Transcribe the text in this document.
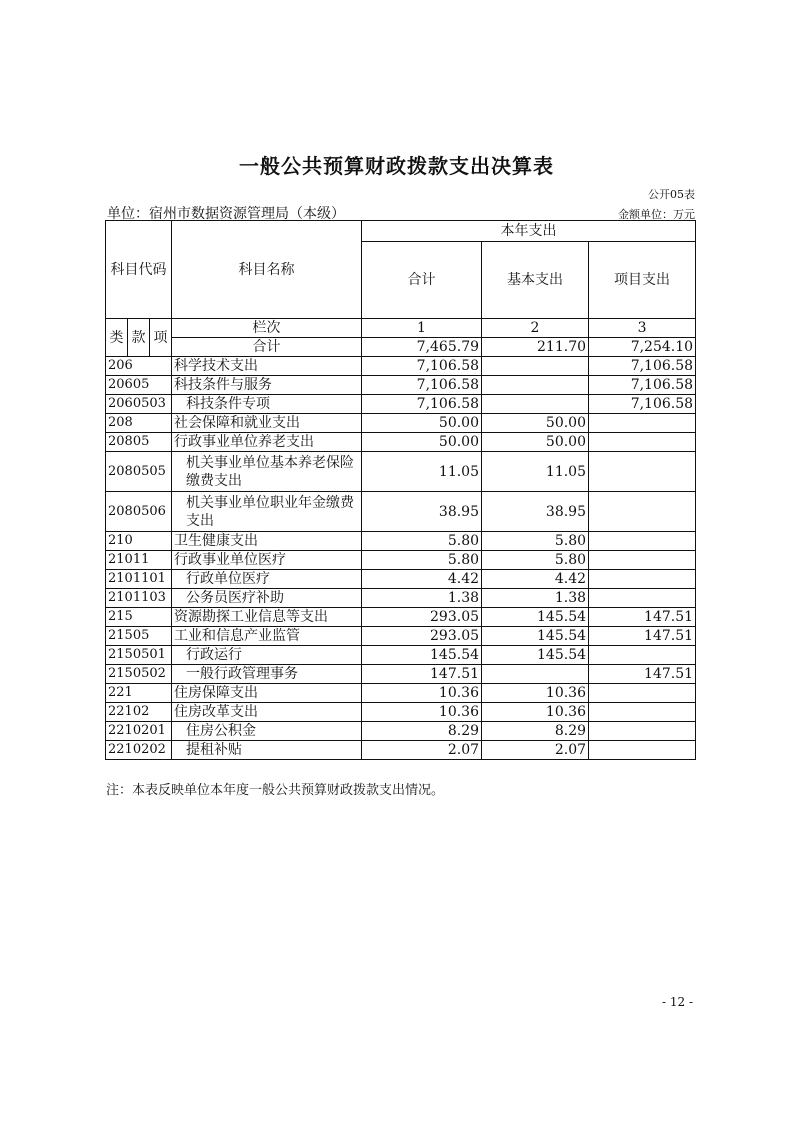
一般公共预算财政拨款支出决算表
公开05表
单位：宿州市数据资源管理局（本级）	金额单位：万元
科目代码			科目名称	本年支出		
				合计	基本支出	项目支出
类	款	项	栏次	1	2	3
			合计	7,465.79	211.70	7,254.10
206			科学技术支出	7,106.58		7,106.58
20605			科技条件与服务	7,106.58		7,106.58
2060503			科技条件专项	7,106.58		7,106.58
208			社会保障和就业支出	50.00	50.00	
20805			行政事业单位养老支出	50.00	50.00	
2080505			机关事业单位基本养老保险缴费支出	11.05	11.05	
2080506			机关事业单位职业年金缴费支出	38.95	38.95	
210			卫生健康支出	5.80	5.80	
21011			行政事业单位医疗	5.80	5.80	
2101101			行政单位医疗	4.42	4.42	
2101103			公务员医疗补助	1.38	1.38	
215			资源勘探工业信息等支出	293.05	145.54	147.51
21505			工业和信息产业监管	293.05	145.54	147.51
2150501			行政运行	145.54	145.54	
2150502			一般行政管理事务	147.51		147.51
221			住房保障支出	10.36	10.36	
22102			住房改革支出	10.36	10.36	
2210201			住房公积金	8.29	8.29	
2210202			提租补贴	2.07	2.07	
注：本表反映单位本年度一般公共预算财政拨款支出情况。
- 12 -
